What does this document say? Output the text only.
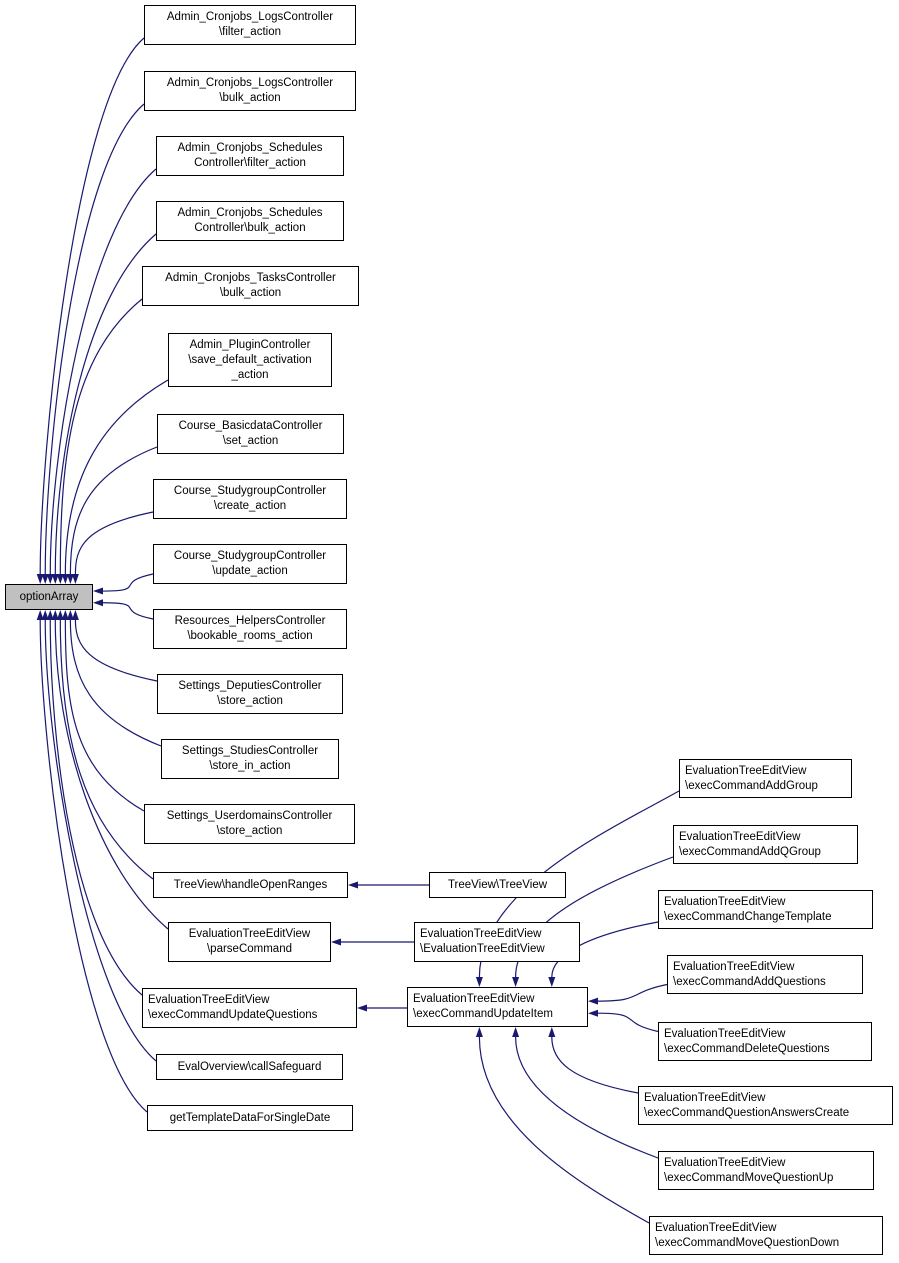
Admin_Cronjobs_LogsController
\filter_action
Admin_Cronjobs_LogsController
\bulk_action
Admin_Cronjobs_Schedules
Controller\filter_action
Admin_Cronjobs_Schedules
Controller\bulk_action
Admin_Cronjobs_TasksController
\bulk_action
Admin_PluginController
\save_default_activation
_action
Course_BasicdataController
\set_action
Course_StudygroupController
\create_action
Course_StudygroupController
\update_action
Resources_HelpersController
\bookable_rooms_action
Settings_DeputiesController
\store_action
Settings_StudiesController
\store_in_action
Settings_UserdomainsController
\store_action
TreeView\handleOpenRanges
EvaluationTreeEditView
\parseCommand
EvaluationTreeEditView
\execCommandUpdateQuestions
EvalOverview\callSafeguard
getTemplateDataForSingleDate
optionArray
TreeView\TreeView
EvaluationTreeEditView
\EvaluationTreeEditView
EvaluationTreeEditView
\execCommandUpdateItem
EvaluationTreeEditView
\execCommandAddGroup
EvaluationTreeEditView
\execCommandAddQGroup
EvaluationTreeEditView
\execCommandChangeTemplate
EvaluationTreeEditView
\execCommandAddQuestions
EvaluationTreeEditView
\execCommandDeleteQuestions
EvaluationTreeEditView
\execCommandQuestionAnswersCreate
EvaluationTreeEditView
\execCommandMoveQuestionUp
EvaluationTreeEditView
\execCommandMoveQuestionDown
